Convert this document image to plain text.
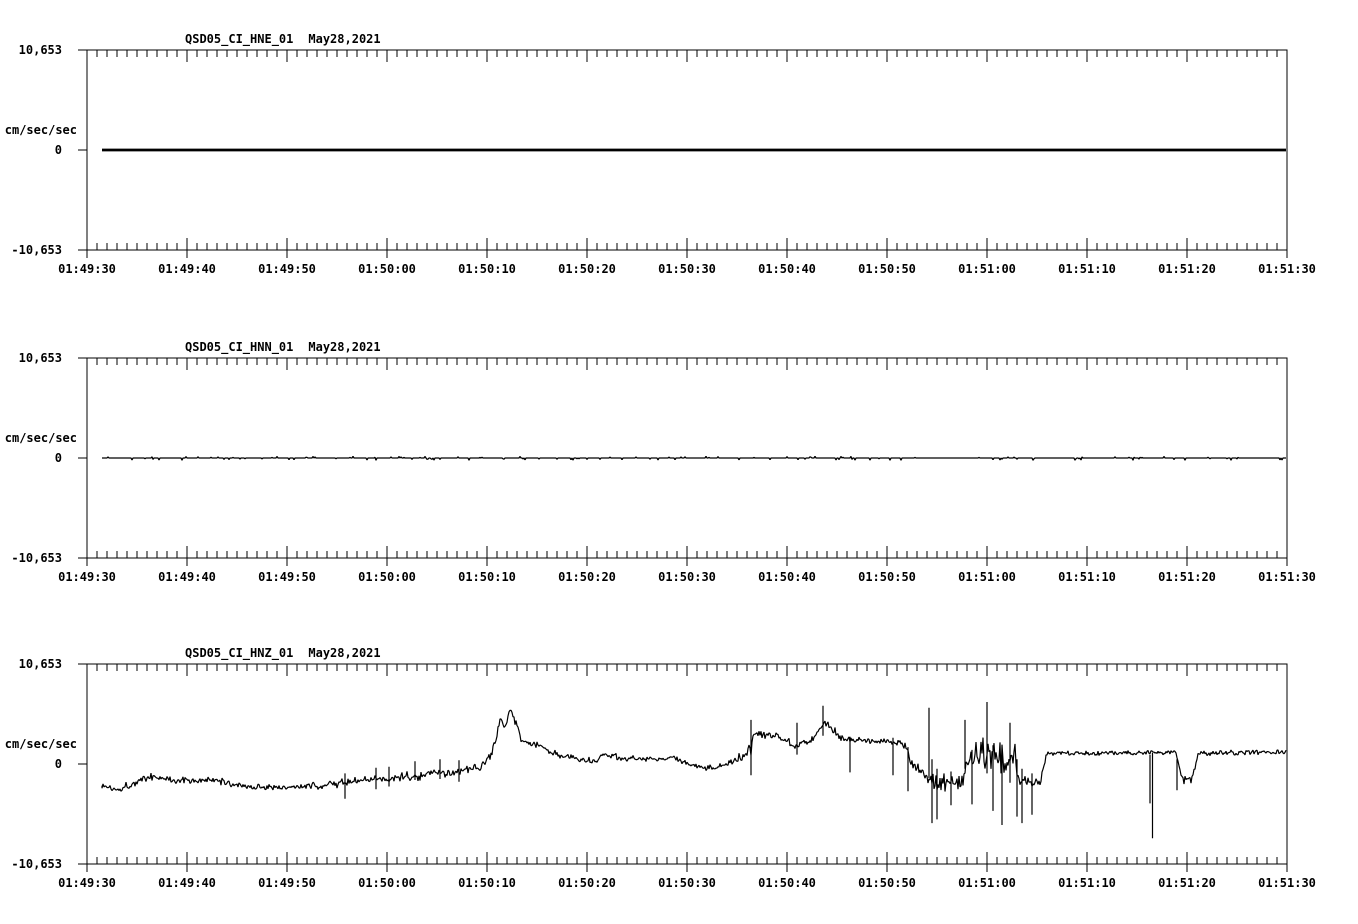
QSD05_CI_HNE_01 May28,2021
10,653
cm/sec/sec
0
-10,653
01:49:30	01:49:40	01:49:50	01:50:00	01:50:10	01:50:20	01:50:30	01:50:40	01:50:50	01:51:00	01:51:10	01:51:20	01:51:30
QSD05_CI_HNN_01 May28,2021
10,653
cm/sec/sec
0
-10,653
01:49:30	01:49:40	01:49:50	01:50:00	01:50:10	01:50:20	01:50:30	01:50:40	01:50:50	01:51:00	01:51:10	01:51:20	01:51:30
QSD05_CI_HNZ_01 May28,2021
10,653
cm/sec/sec
0
-10,653
01:49:30	01:49:40	01:49:50	01:50:00	01:50:10	01:50:20	01:50:30	01:50:40	01:50:50	01:51:00	01:51:10	01:51:20	01:51:30
